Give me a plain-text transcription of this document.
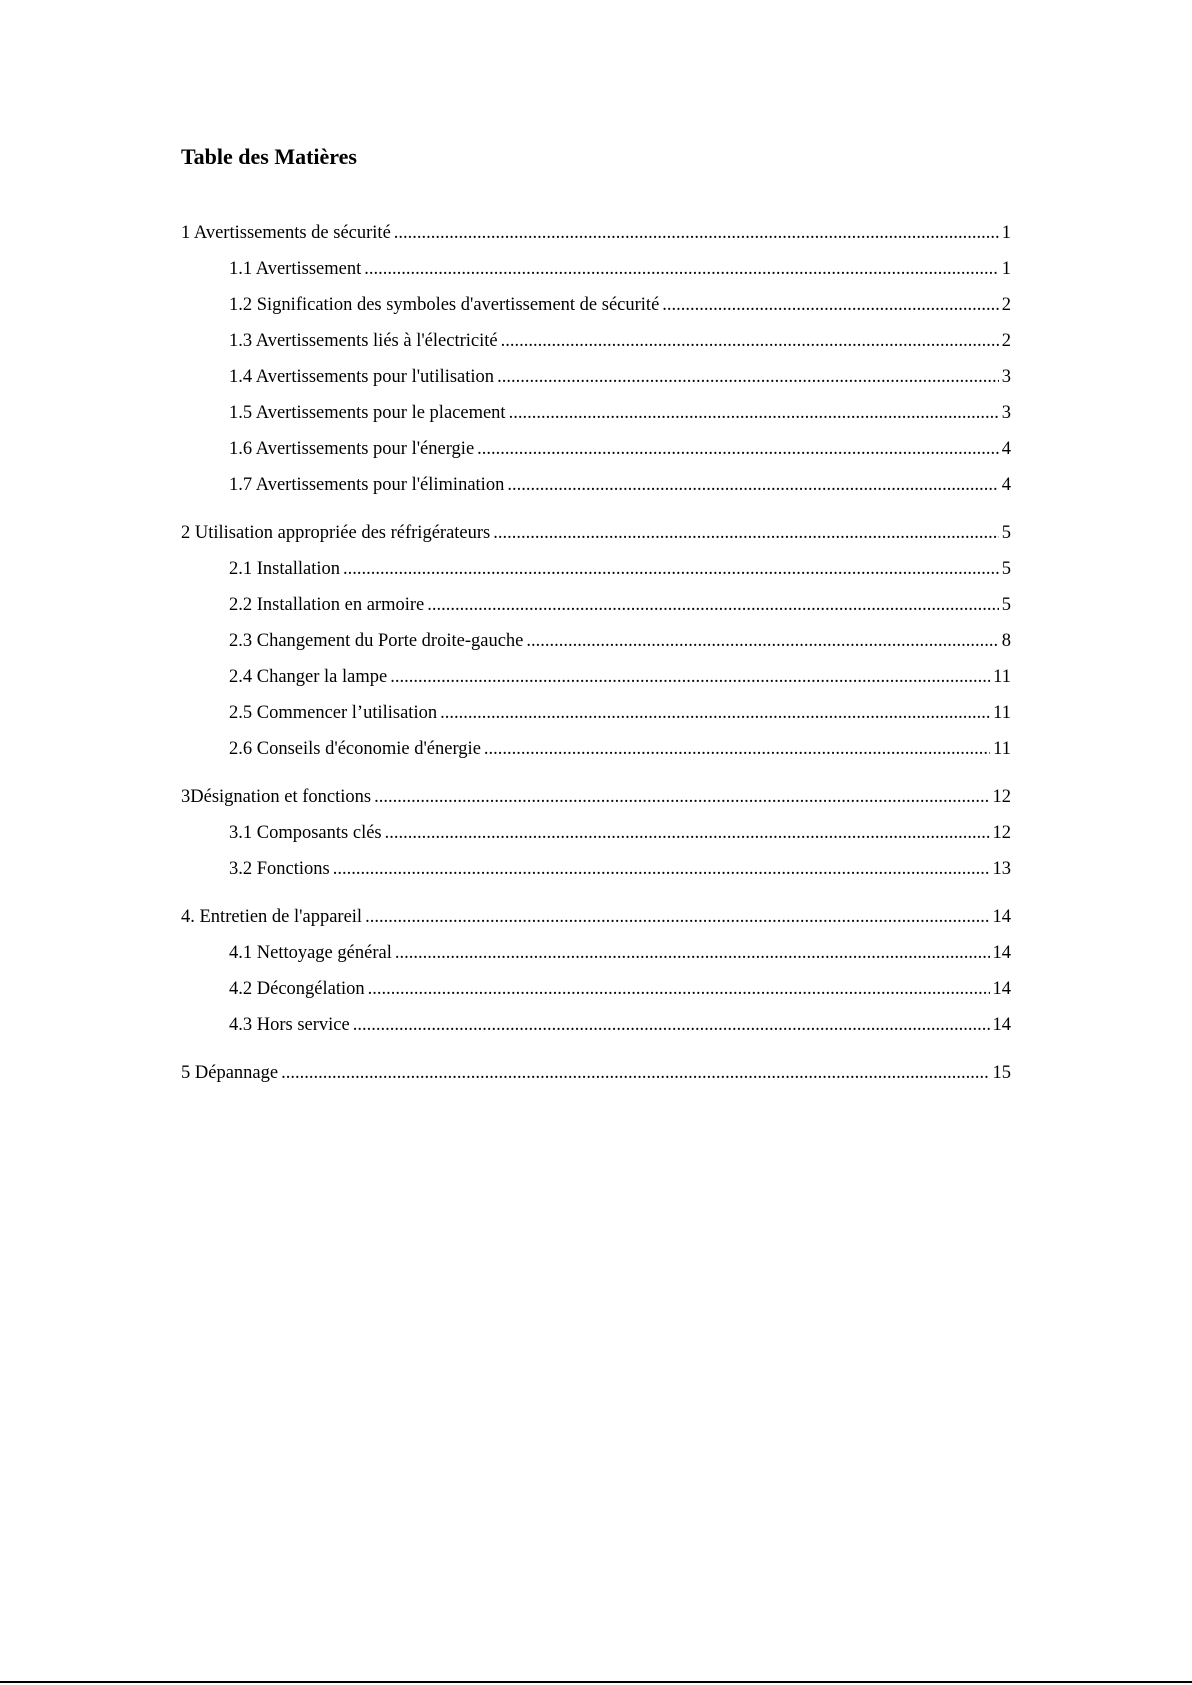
Table des Matières
1 Avertissements de sécurité .....	1
1.1 Avertissement .....	1
1.2 Signification des symboles d'avertissement de sécurité .....	2
1.3 Avertissements liés à l'électricité .....	2
1.4 Avertissements pour l'utilisation .....	3
1.5 Avertissements pour le placement .....	3
1.6 Avertissements pour l'énergie .....	4
1.7 Avertissements pour l'élimination .....	4
2 Utilisation appropriée des réfrigérateurs .....	5
2.1 Installation .....	5
2.2 Installation en armoire .....	5
2.3 Changement du Porte droite-gauche .....	8
2.4 Changer la lampe .....	11
2.5 Commencer l’utilisation .....	11
2.6 Conseils d'économie d'énergie .....	11
3Désignation et fonctions .....	12
3.1 Composants clés .....	12
3.2 Fonctions .....	13
4. Entretien de l'appareil .....	14
4.1 Nettoyage général .....	14
4.2 Décongélation .....	14
4.3 Hors service .....	14
5 Dépannage .....	15
